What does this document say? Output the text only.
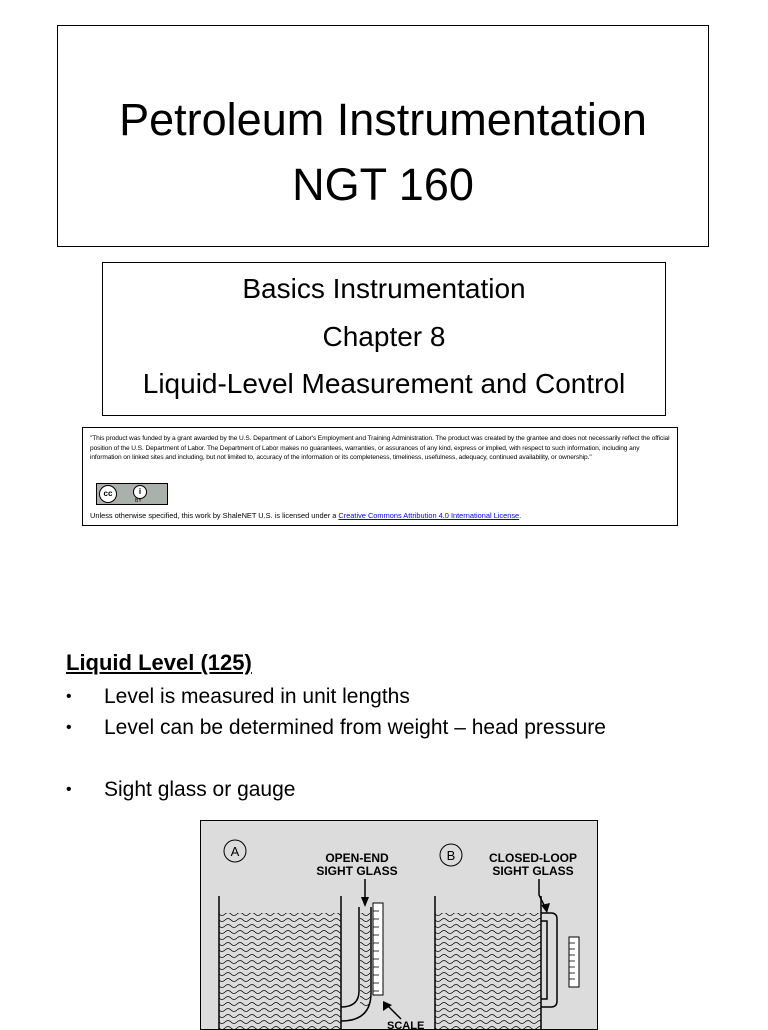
Petroleum Instrumentation
NGT 160
Basics Instrumentation
Chapter 8
Liquid-Level Measurement and Control
"This product was funded by a grant awarded by the U.S. Department of Labor's Employment and Training Administration. The product was created by the grantee and does not necessarily reflect the official position of the U.S. Department of Labor. The Department of Labor makes no guarantees, warranties, or assurances of any kind, express or implied, with respect to such information, including any information on linked sites and including, but not limited to, accuracy of the information or its completeness, timeliness, usefulness, adequacy, continued availability, or ownership."
cc	i
BY
Unless otherwise specified, this work by ShaleNET U.S. is licensed under a Creative Commons Attribution 4.0 International License.
Liquid Level (125)
• Level is measured in unit lengths
• Level can be determined from weight – head pressure
• Sight glass or gauge
A	OPEN-END
SIGHT GLASS
SCALE
B	CLOSED-LOOP
SIGHT GLASS
